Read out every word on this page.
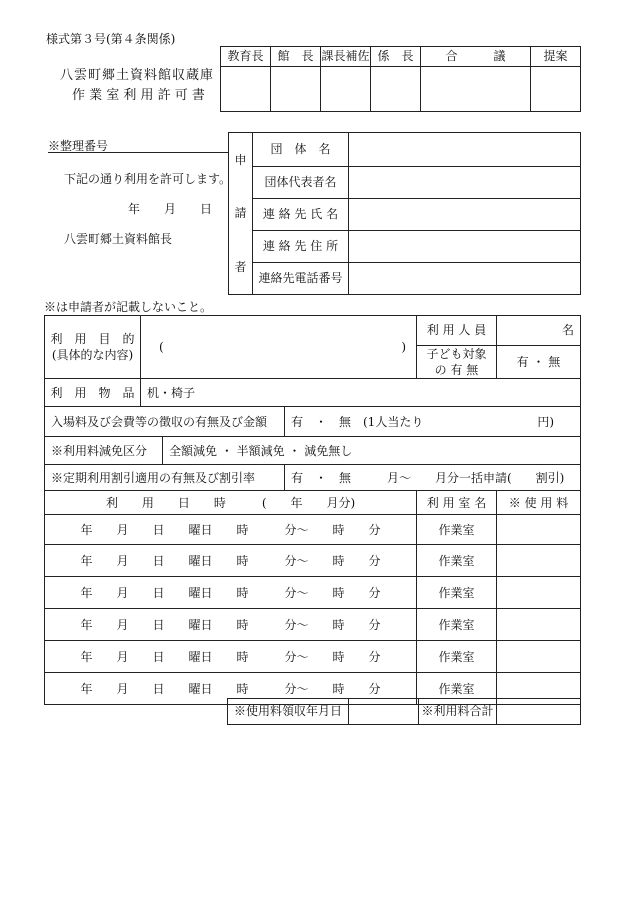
様式第３号(第４条関係)
八雲町郷土資料館収蔵庫
作 業 室 利 用 許 可 書
教育長	館　長	課長補佐	係　長	合　　　議	提案

※整理番号
下記の通り利用を許可します。
年　　月　　日
八雲町郷土資料館長
申
請
者	団　体　名	
	団体代表者名	
	連 絡 先 氏 名	
	連 絡 先 住 所	
	連絡先電話番号	
※は申請者が記載しないこと。
利　用　目　的
(具体的な内容)	( )			利 用 人 員	名

				子ども対象
の 有 無	有 ・ 無
利　用　物　品	机・椅子				
入場料及び会費等の徴収の有無及び金額			有　・　無　(1人当たり 円)		

※利用料減免区分		全額減免 ・ 半額減免 ・ 減免無し			
※定期利用割引適用の有無及び割引率			有　・　無　　　月～　　月分一括申請(　　割引)		
利　　用　　日　　時　　　(　　年　　月分)				利 用 室 名	※ 使 用 料
年　　月　　日　　曜日　　時　　　分～　　時　　分				作業室	
年　　月　　日　　曜日　　時　　　分～　　時　　分				作業室	
年　　月　　日　　曜日　　時　　　分～　　時　　分				作業室	
年　　月　　日　　曜日　　時　　　分～　　時　　分				作業室	
年　　月　　日　　曜日　　時　　　分～　　時　　分				作業室	
年　　月　　日　　曜日　　時　　　分～　　時　　分				作業室	
※使用料領収年月日		※利用料合計	
